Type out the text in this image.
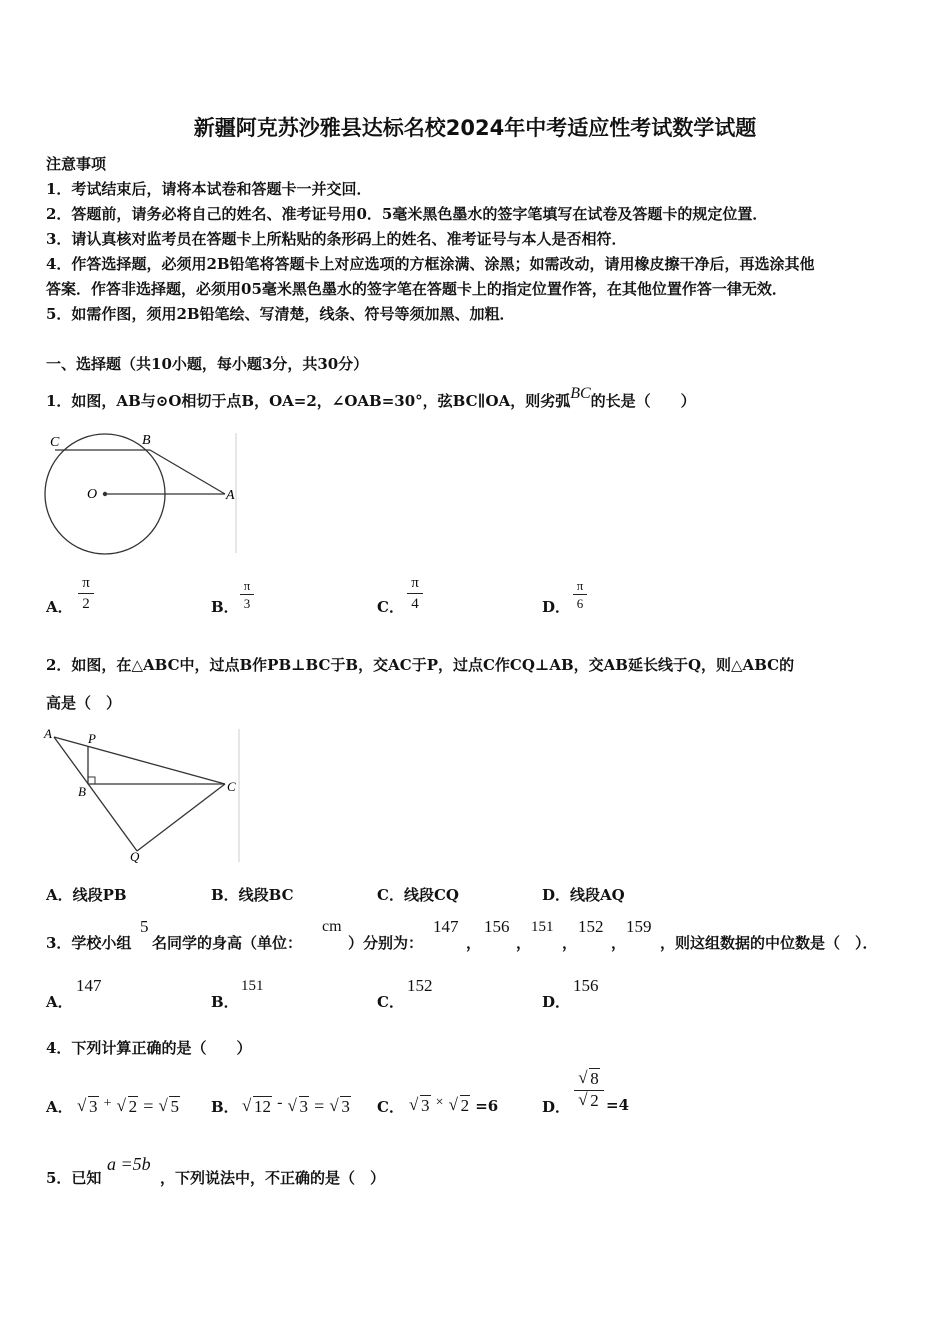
新疆阿克苏沙雅县达标名校2024年中考适应性考试数学试题
注意事项
1．考试结束后，请将本试卷和答题卡一并交回．
2．答题前，请务必将自己的姓名、准考证号用0．5毫米黑色墨水的签字笔填写在试卷及答题卡的规定位置．
3．请认真核对监考员在答题卡上所粘贴的条形码上的姓名、准考证号与本人是否相符．
4．作答选择题，必须用2B铅笔将答题卡上对应选项的方框涂满、涂黑；如需改动，请用橡皮擦干净后，再选涂其他
答案．作答非选择题，必须用05毫米黑色墨水的签字笔在答题卡上的指定位置作答，在其他位置作答一律无效．
5．如需作图，须用2B铅笔绘、写清楚，线条、符号等须加黑、加粗．
一、选择题（共10小题，每小题3分，共30分）
1．如图，AB与⊙O相切于点B，OA=2，∠OAB=30°，弦BC∥OA，则劣弧BC的长是（　　）
C	B
O	A
A．
π
2	B．
π
3	C．
π
4	D．
π
6
2．如图，在△ABC中，过点B作PB⊥BC于B，交AC于P，过点C作CQ⊥AB，交AB延长线于Q，则△ABC的
高是（　）
A	P
B	C
Q
A．线段PB	B．线段BC	C．线段CQ	D．线段AQ
3．学校小组
5
名同学的身高（单位：
cm
）分别为：
147
，
156
，
151
，
152
，
159
，则这组数据的中位数是（　）．
A．
147
B．
151
C．
152
D．
156
4．下列计算正确的是（　　）
A． √ 3 + √ 2 = √ 5 B． √ 12 - √ 3 = √ 3 C．	√ 3 × √ 2 =6	D．
√ 8
√ 2 =4
5．已知
a =5b
，下列说法中，不正确的是（　）
